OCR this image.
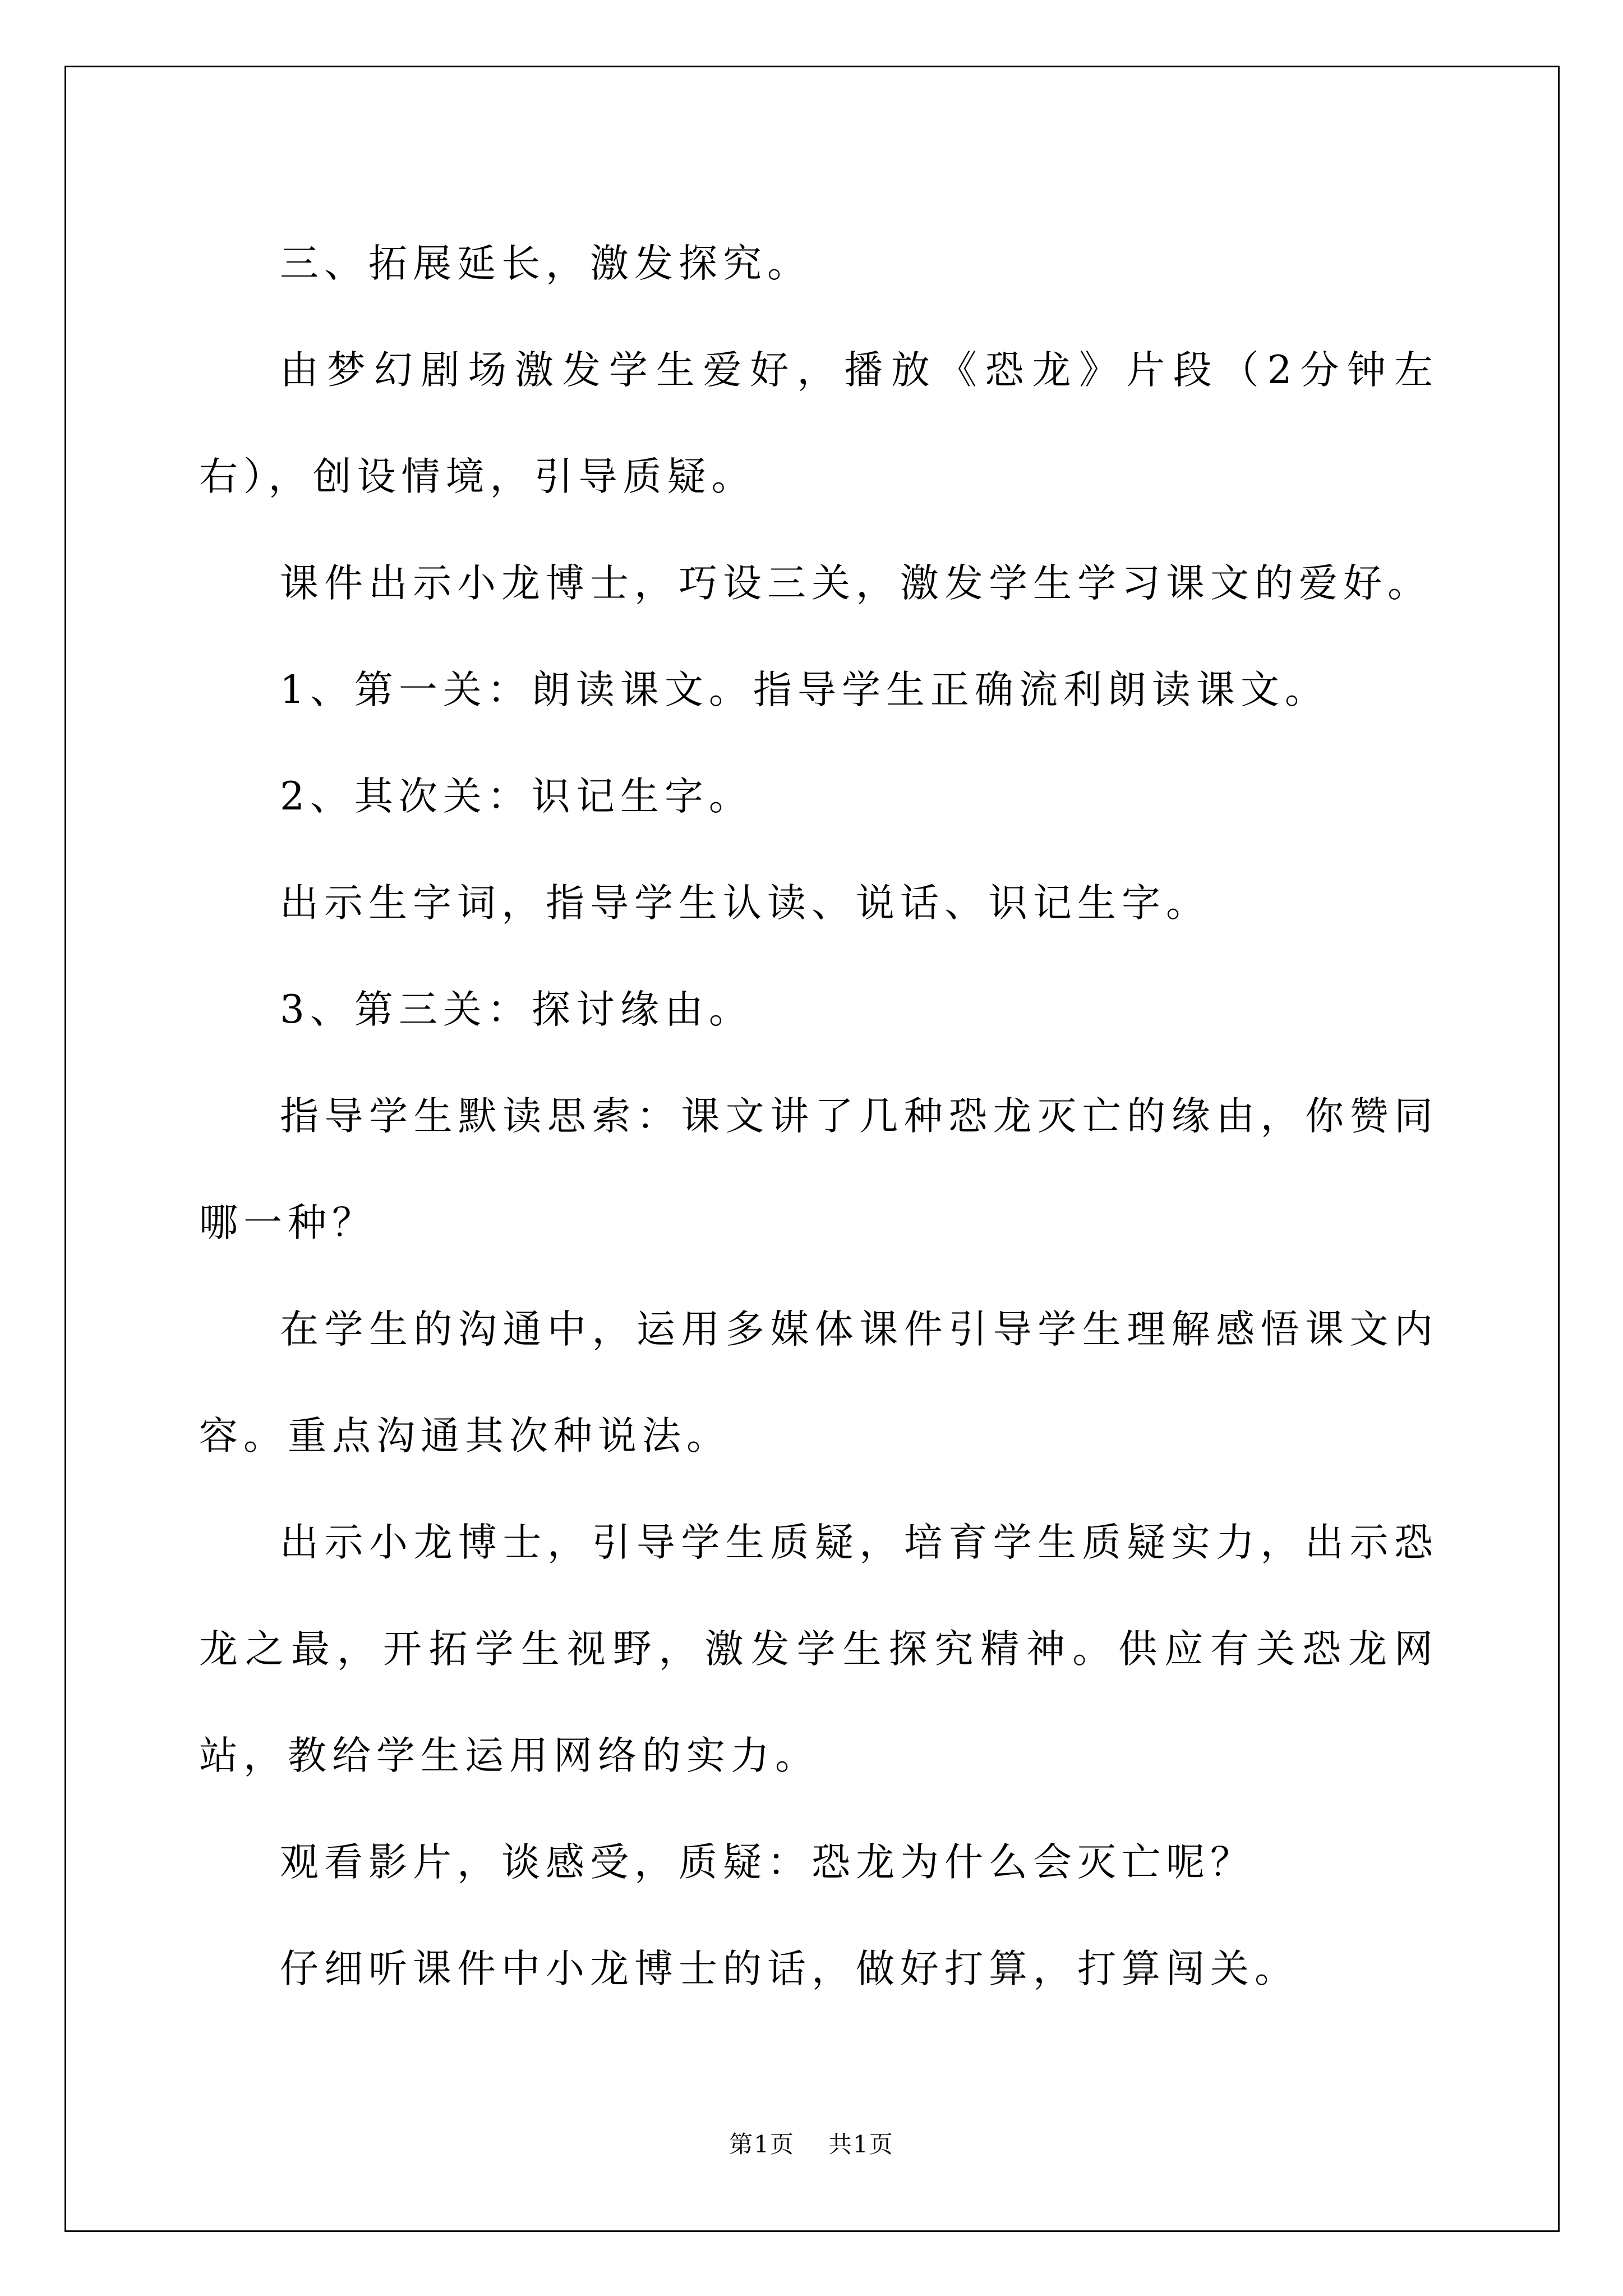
三、拓展延长，激发探究。

由梦幻剧场激发学生爱好，播放《恐龙》片段（2分钟左右），创设情境，引导质疑。

课件出示小龙博士，巧设三关，激发学生学习课文的爱好。

1、第一关：朗读课文。指导学生正确流利朗读课文。

2、其次关：识记生字。

出示生字词，指导学生认读、说话、识记生字。

3、第三关：探讨缘由。

指导学生默读思索：课文讲了几种恐龙灭亡的缘由，你赞同哪一种？

在学生的沟通中，运用多媒体课件引导学生理解感悟课文内容。重点沟通其次种说法。

出示小龙博士，引导学生质疑，培育学生质疑实力，出示恐龙之最，开拓学生视野，激发学生探究精神。供应有关恐龙网站，教给学生运用网络的实力。

观看影片，谈感受，质疑：恐龙为什么会灭亡呢？

仔细听课件中小龙博士的话，做好打算，打算闯关。

第1页 共1页
